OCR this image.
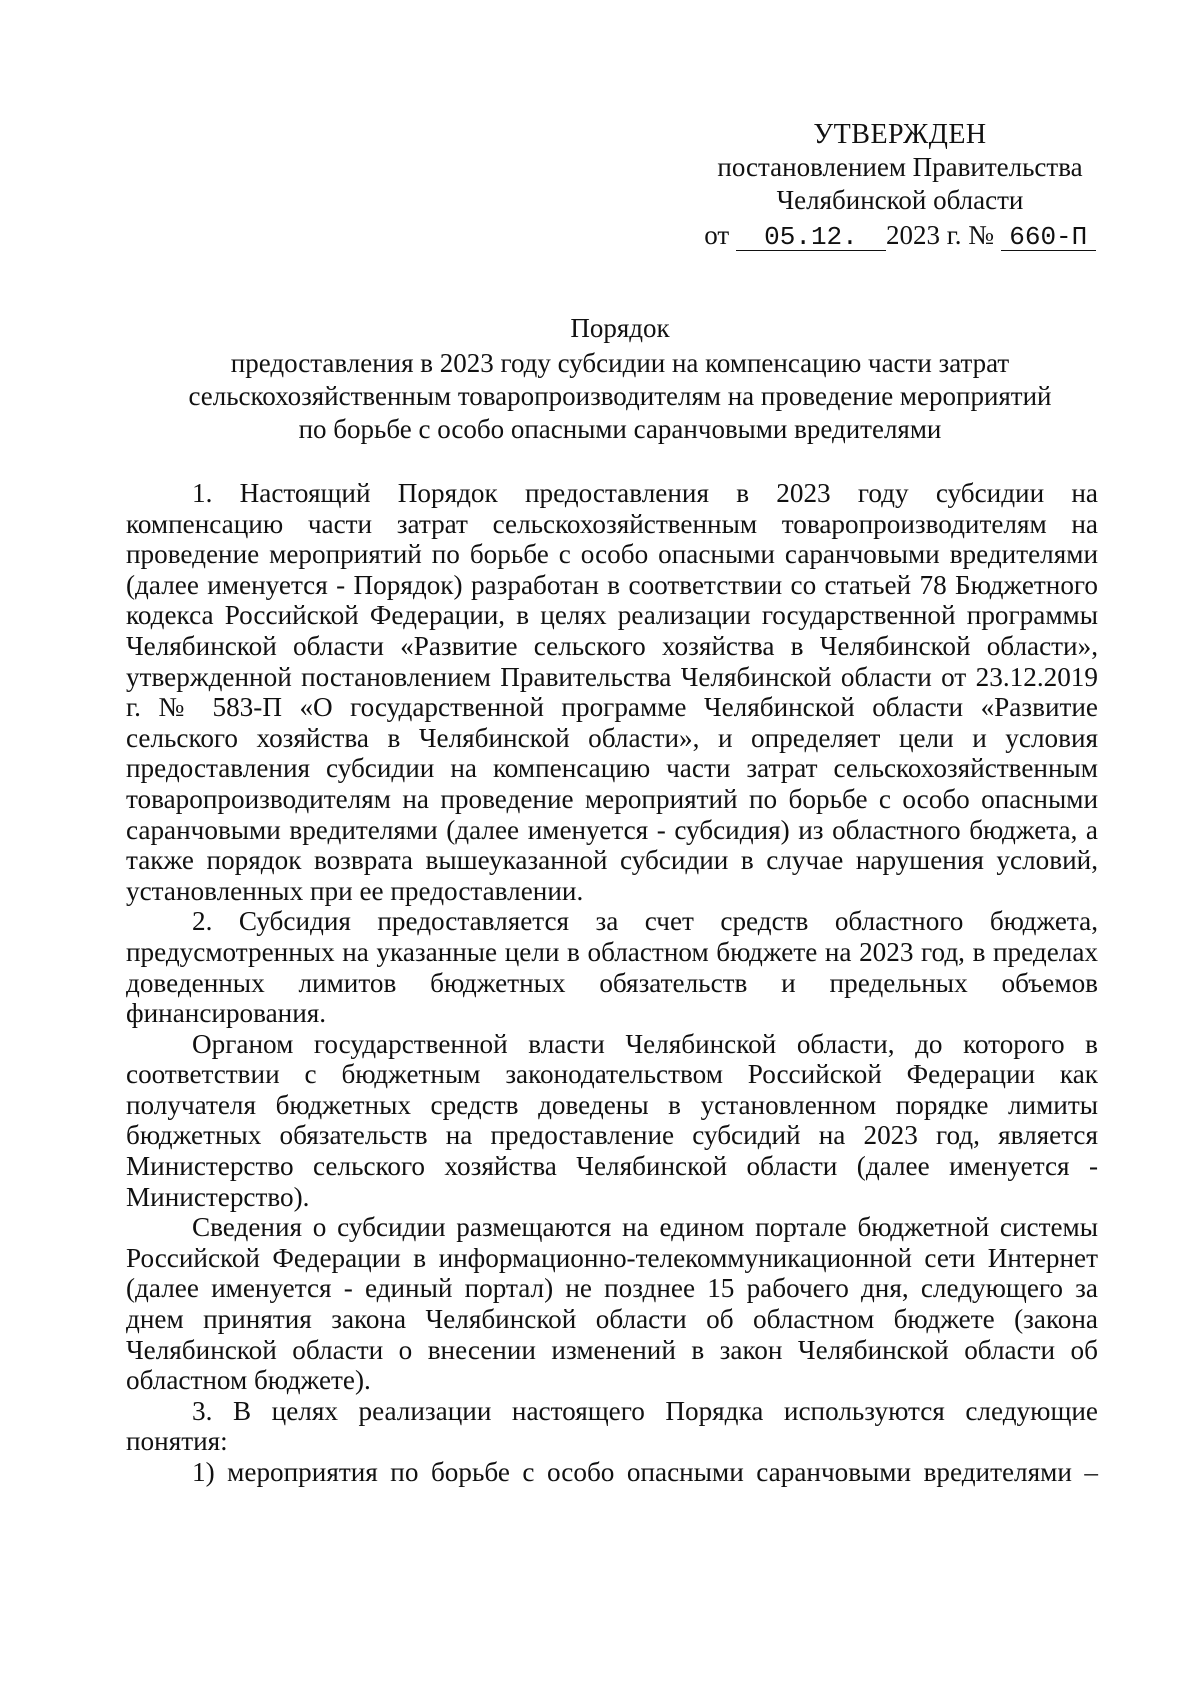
УТВЕРЖДЕН
постановлением Правительства
Челябинской области
от 05.12. 2023 г. № 660-П
Порядок
предоставления в 2023 году субсидии на компенсацию части затрат
сельскохозяйственным товаропроизводителям на проведение мероприятий
по борьбе с особо опасными саранчовыми вредителями

1. Настоящий Порядок предоставления в 2023 году субсидии на компенсацию части затрат сельскохозяйственным товаропроизводителям на проведение мероприятий по борьбе с особо опасными саранчовыми вредителями (далее именуется - Порядок) разработан в соответствии со статьей 78 Бюджетного кодекса Российской Федерации, в целях реализации государственной программы Челябинской области «Развитие сельского хозяйства в Челябинской области», утвержденной постановлением Правительства Челябинской области от 23.12.2019 г. № 583-П «О государственной программе Челябинской области «Развитие сельского хозяйства в Челябинской области», и определяет цели и условия предоставления субсидии на компенсацию части затрат сельскохозяйственным товаропроизводителям на проведение мероприятий по борьбе с особо опасными саранчовыми вредителями (далее именуется - субсидия) из областного бюджета, а также порядок возврата вышеуказанной субсидии в случае нарушения условий, установленных при ее предоставлении.

2. Субсидия предоставляется за счет средств областного бюджета, предусмотренных на указанные цели в областном бюджете на 2023 год, в пределах доведенных лимитов бюджетных обязательств и предельных объемов финансирования.

Органом государственной власти Челябинской области, до которого в соответствии с бюджетным законодательством Российской Федерации как получателя бюджетных средств доведены в установленном порядке лимиты бюджетных обязательств на предоставление субсидий на 2023 год, является Министерство сельского хозяйства Челябинской области (далее именуется - Министерство).

Сведения о субсидии размещаются на едином портале бюджетной системы Российской Федерации в информационно-телекоммуникационной сети Интернет (далее именуется - единый портал) не позднее 15 рабочего дня, следующего за днем принятия закона Челябинской области об областном бюджете (закона Челябинской области о внесении изменений в закон Челябинской области об областном бюджете).

3. В целях реализации настоящего Порядка используются следующие понятия:

1) мероприятия по борьбе с особо опасными саранчовыми вредителями –
